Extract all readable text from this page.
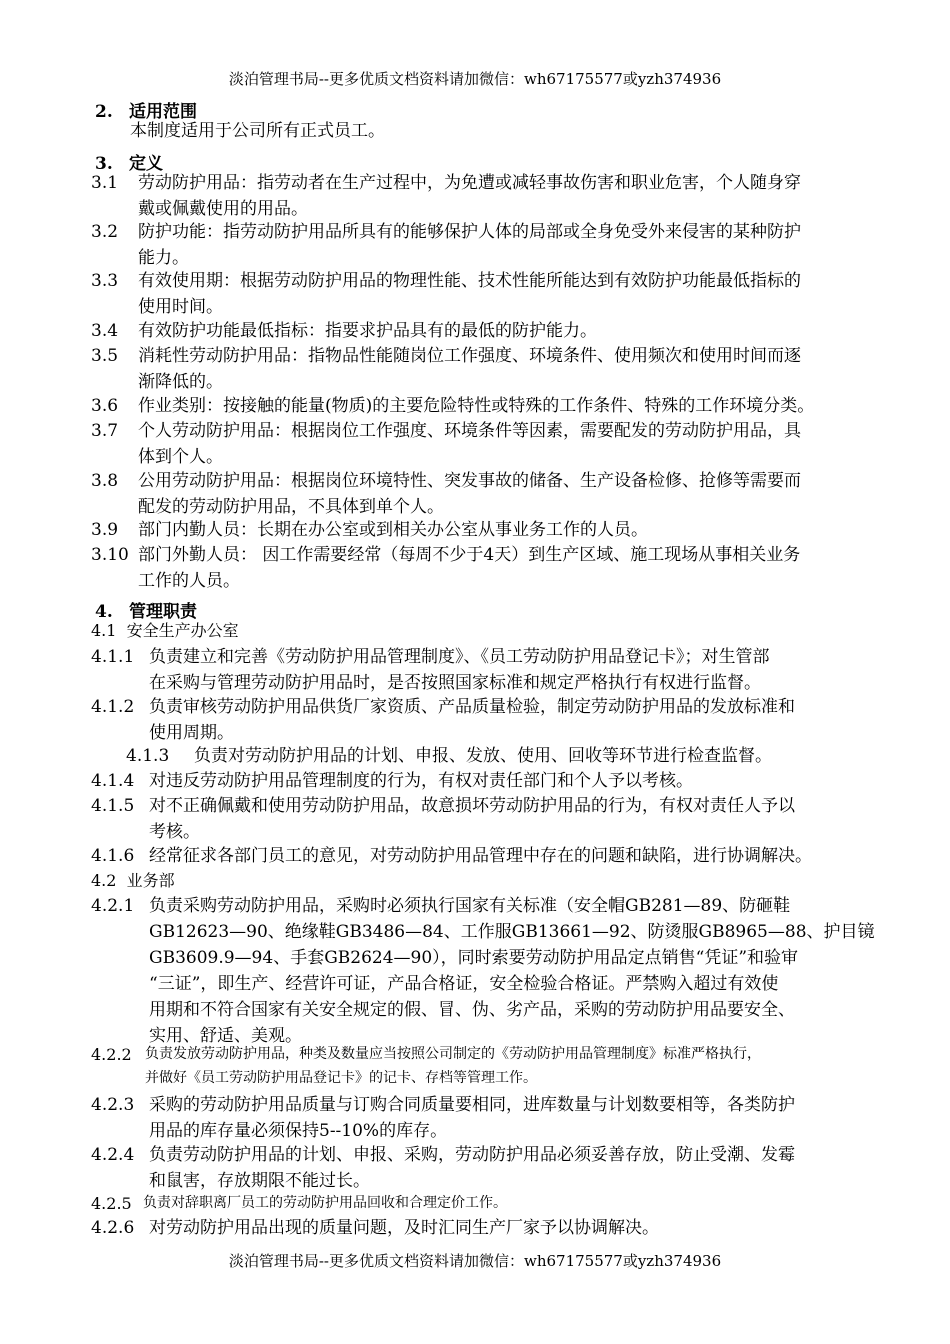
淡泊管理书局--更多优质文档资料请加微信：wh67175577或yzh374936
2. 适用范围
本制度适用于公司所有正式员工。
3. 定义
3.1 劳动防护用品：指劳动者在生产过程中，为免遭或减轻事故伤害和职业危害，个人随身穿
戴或佩戴使用的用品。
3.2 防护功能：指劳动防护用品所具有的能够保护人体的局部或全身免受外来侵害的某种防护
能力。
3.3 有效使用期：根据劳动防护用品的物理性能、技术性能所能达到有效防护功能最低指标的
使用时间。
3.4 有效防护功能最低指标：指要求护品具有的最低的防护能力。
3.5 消耗性劳动防护用品：指物品性能随岗位工作强度、环境条件、使用频次和使用时间而逐
渐降低的。
3.6 作业类别：按接触的能量(物质)的主要危险特性或特殊的工作条件、特殊的工作环境分类。
3.7 个人劳动防护用品：根据岗位工作强度、环境条件等因素，需要配发的劳动防护用品，具
体到个人。
3.8 公用劳动防护用品：根据岗位环境特性、突发事故的储备、生产设备检修、抢修等需要而
配发的劳动防护用品，不具体到单个人。
3.9 部门内勤人员：长期在办公室或到相关办公室从事业务工作的人员。
3.10 部门外勤人员： 因工作需要经常（每周不少于4天）到生产区域、施工现场从事相关业务
工作的人员。
4. 管理职责
4.1  安全生产办公室
4.1.1 负责建立和完善《劳动防护用品管理制度》、《员工劳动防护用品登记卡》；对生管部
在采购与管理劳动防护用品时，是否按照国家标准和规定严格执行有权进行监督。
4.1.2 负责审核劳动防护用品供货厂家资质、产品质量检验，制定劳动防护用品的发放标准和
使用周期。
4.1.3 负责对劳动防护用品的计划、申报、发放、使用、回收等环节进行检查监督。
4.1.4 对违反劳动防护用品管理制度的行为，有权对责任部门和个人予以考核。
4.1.5 对不正确佩戴和使用劳动防护用品，故意损坏劳动防护用品的行为，有权对责任人予以
考核。
4.1.6 经常征求各部门员工的意见，对劳动防护用品管理中存在的问题和缺陷，进行协调解决。
4.2  业务部
4.2.1 负责采购劳动防护用品，采购时必须执行国家有关标准（安全帽GB281—89、防砸鞋
GB12623—90、绝缘鞋GB3486—84、工作服GB13661—92、防烫服GB8965—88、护目镜
GB3609.9—94、手套GB2624—90），同时索要劳动防护用品定点销售“凭证”和验审
“三证”，即生产、经营许可证，产品合格证，安全检验合格证。严禁购入超过有效使
用期和不符合国家有关安全规定的假、冒、伪、劣产品，采购的劳动防护用品要安全、
实用、舒适、美观。
4.2.2 负责发放劳动防护用品，种类及数量应当按照公司制定的《劳动防护用品管理制度》标准严格执行，
并做好《员工劳动防护用品登记卡》的记卡、存档等管理工作。
4.2.3 采购的劳动防护用品质量与订购合同质量要相同，进库数量与计划数要相等，各类防护
用品的库存量必须保持5--10%的库存。
4.2.4 负责劳动防护用品的计划、申报、采购，劳动防护用品必须妥善存放，防止受潮、发霉
和鼠害，存放期限不能过长。
4.2.5 负责对辞职离厂员工的劳动防护用品回收和合理定价工作。
4.2.6 对劳动防护用品出现的质量问题，及时汇同生产厂家予以协调解决。
淡泊管理书局--更多优质文档资料请加微信：wh67175577或yzh374936
